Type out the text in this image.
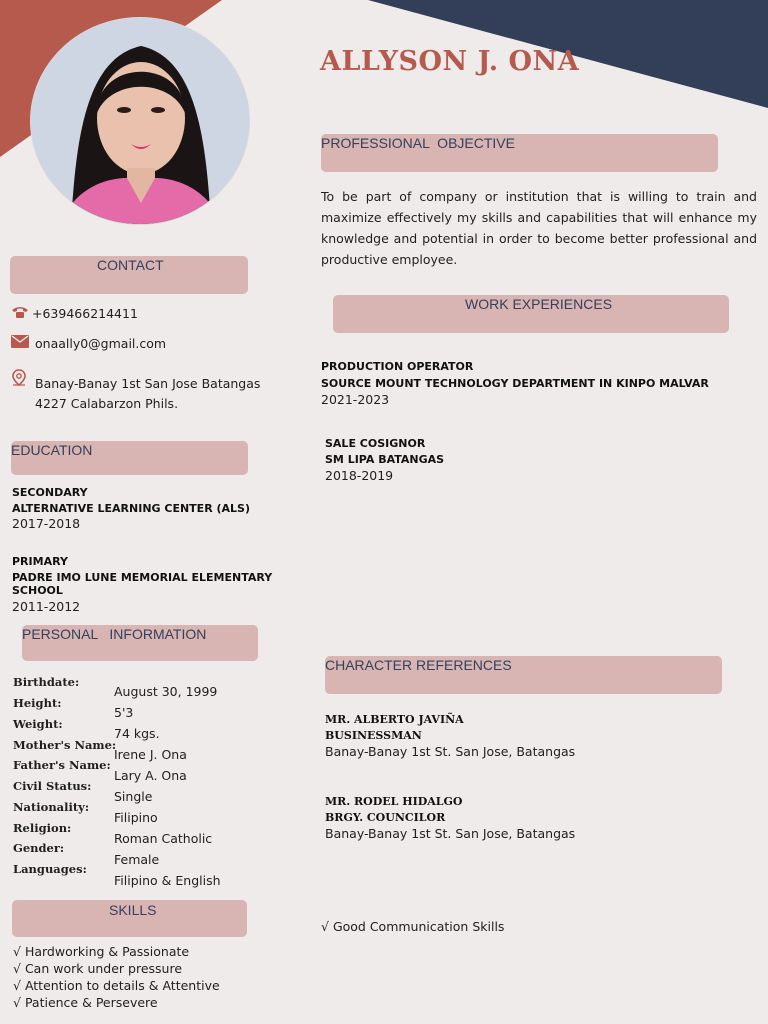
ALLYSON J. ONA
CONTACT
+639466214411
onaally0@gmail.com
Banay-Banay 1st San Jose Batangas
4227 Calabarzon Phils.
EDUCATION
SECONDARY
ALTERNATIVE LEARNING CENTER (ALS)
2017-2018
PRIMARY
PADRE IMO LUNE MEMORIAL ELEMENTARY
SCHOOL
2011-2012
PERSONAL   INFORMATION
Birthdate:
Height:
Weight:
Mother's Name:
Father's Name:
Civil Status:
Nationality:
Religion:
Gender:
Languages:
August 30, 1999
5'3
74 kgs.
Irene J. Ona
Lary A. Ona
Single
Filipino
Roman Catholic
Female
Filipino & English
SKILLS
√ Hardworking & Passionate
√ Can work under pressure
√ Attention to details & Attentive
√ Patience & Persevere
PROFESSIONAL  OBJECTIVE
To be part of company or institution that is willing to train and maximize effectively my skills and capabilities that will enhance my knowledge and potential in order to become better professional and productive employee.
WORK EXPERIENCES
PRODUCTION OPERATOR
SOURCE MOUNT TECHNOLOGY DEPARTMENT IN KINPO MALVAR
2021-2023
SALE COSIGNOR
SM LIPA BATANGAS
2018-2019
CHARACTER REFERENCES
MR. ALBERTO JAVIÑA
BUSINESSMAN
Banay-Banay 1st St. San Jose, Batangas
MR. RODEL HIDALGO
BRGY. COUNCILOR
Banay-Banay 1st St. San Jose, Batangas
√ Good Communication Skills
